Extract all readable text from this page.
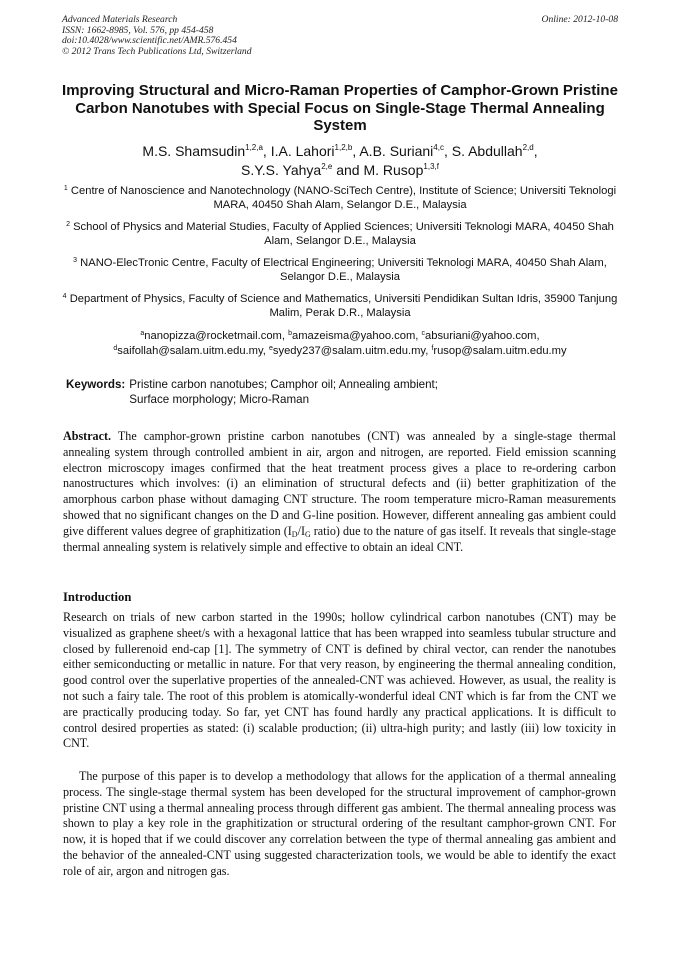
Advanced Materials Research
ISSN: 1662-8985, Vol. 576, pp 454-458
doi:10.4028/www.scientific.net/AMR.576.454
© 2012 Trans Tech Publications Ltd, Switzerland
Online: 2012-10-08
Improving Structural and Micro-Raman Properties of Camphor-Grown Pristine Carbon Nanotubes with Special Focus on Single-Stage Thermal Annealing System
M.S. Shamsudin$^{1,2,a}$, I.A. Lahori$^{1,2,b}$, A.B. Suriani$^{4,c}$, S. Abdullah$^{2,d}$,
S.Y.S. Yahya$^{2,e}$ and M. Rusop$^{1,3,f}$
$^1$ Centre of Nanoscience and Nanotechnology (NANO-SciTech Centre), Institute of Science; Universiti Teknologi MARA, 40450 Shah Alam, Selangor D.E., Malaysia
$^2$ School of Physics and Material Studies, Faculty of Applied Sciences; Universiti Teknologi MARA, 40450 Shah Alam, Selangor D.E., Malaysia
$^3$ NANO-ElecTronic Centre, Faculty of Electrical Engineering; Universiti Teknologi MARA, 40450 Shah Alam, Selangor D.E., Malaysia
$^4$ Department of Physics, Faculty of Science and Mathematics, Universiti Pendidikan Sultan Idris, 35900 Tanjung Malim, Perak D.R., Malaysia
$^a$nanopizza@rocketmail.com, $^b$amazeisma@yahoo.com, $^c$absuriani@yahoo.com,
$^d$saifollah@salam.uitm.edu.my, $^e$syedy237@salam.uitm.edu.my, $^f$rusop@salam.uitm.edu.my
Keywords: Pristine carbon nanotubes; Camphor oil; Annealing ambient; Surface morphology; Micro-Raman
Abstract. The camphor-grown pristine carbon nanotubes (CNT) was annealed by a single-stage thermal annealing system through controlled ambient in air, argon and nitrogen, are reported. Field emission scanning electron microscopy images confirmed that the heat treatment process gives a place to re-ordering carbon nanostructures which involves: (i) an elimination of structural defects and (ii) better graphitization of the amorphous carbon phase without damaging CNT structure. The room temperature micro-Raman measurements showed that no significant changes on the D and G-line position. However, different annealing gas ambient could give different values degree of graphitization ($I_D/I_G$ ratio) due to the nature of gas itself. It reveals that single-stage thermal annealing system is relatively simple and effective to obtain an ideal CNT.
Introduction
Research on trials of new carbon started in the 1990s; hollow cylindrical carbon nanotubes (CNT) may be visualized as graphene sheet/s with a hexagonal lattice that has been wrapped into seamless tubular structure and closed by fullerenoid end-cap [1]. The symmetry of CNT is defined by chiral vector, can render the nanotubes either semiconducting or metallic in nature. For that very reason, by engineering the thermal annealing condition, good control over the superlative properties of the annealed-CNT was achieved. However, as usual, the reality is not such a fairy tale. The root of this problem is atomically-wonderful ideal CNT which is far from the CNT we are practically producing today. So far, yet CNT has found hardly any practical applications. It is difficult to control desired properties as stated: (i) scalable production; (ii) ultra-high purity; and lastly (iii) low toxicity in CNT.
The purpose of this paper is to develop a methodology that allows for the application of a thermal annealing process. The single-stage thermal system has been developed for the structural improvement of camphor-grown pristine CNT using a thermal annealing process through different gas ambient. The thermal annealing process was shown to play a key role in the graphitization or structural ordering of the resultant camphor-grown CNT. For now, it is hoped that if we could discover any correlation between the type of thermal annealing gas ambient and the behavior of the annealed-CNT using suggested characterization tools, we would be able to identify the exact role of air, argon and nitrogen gas.
